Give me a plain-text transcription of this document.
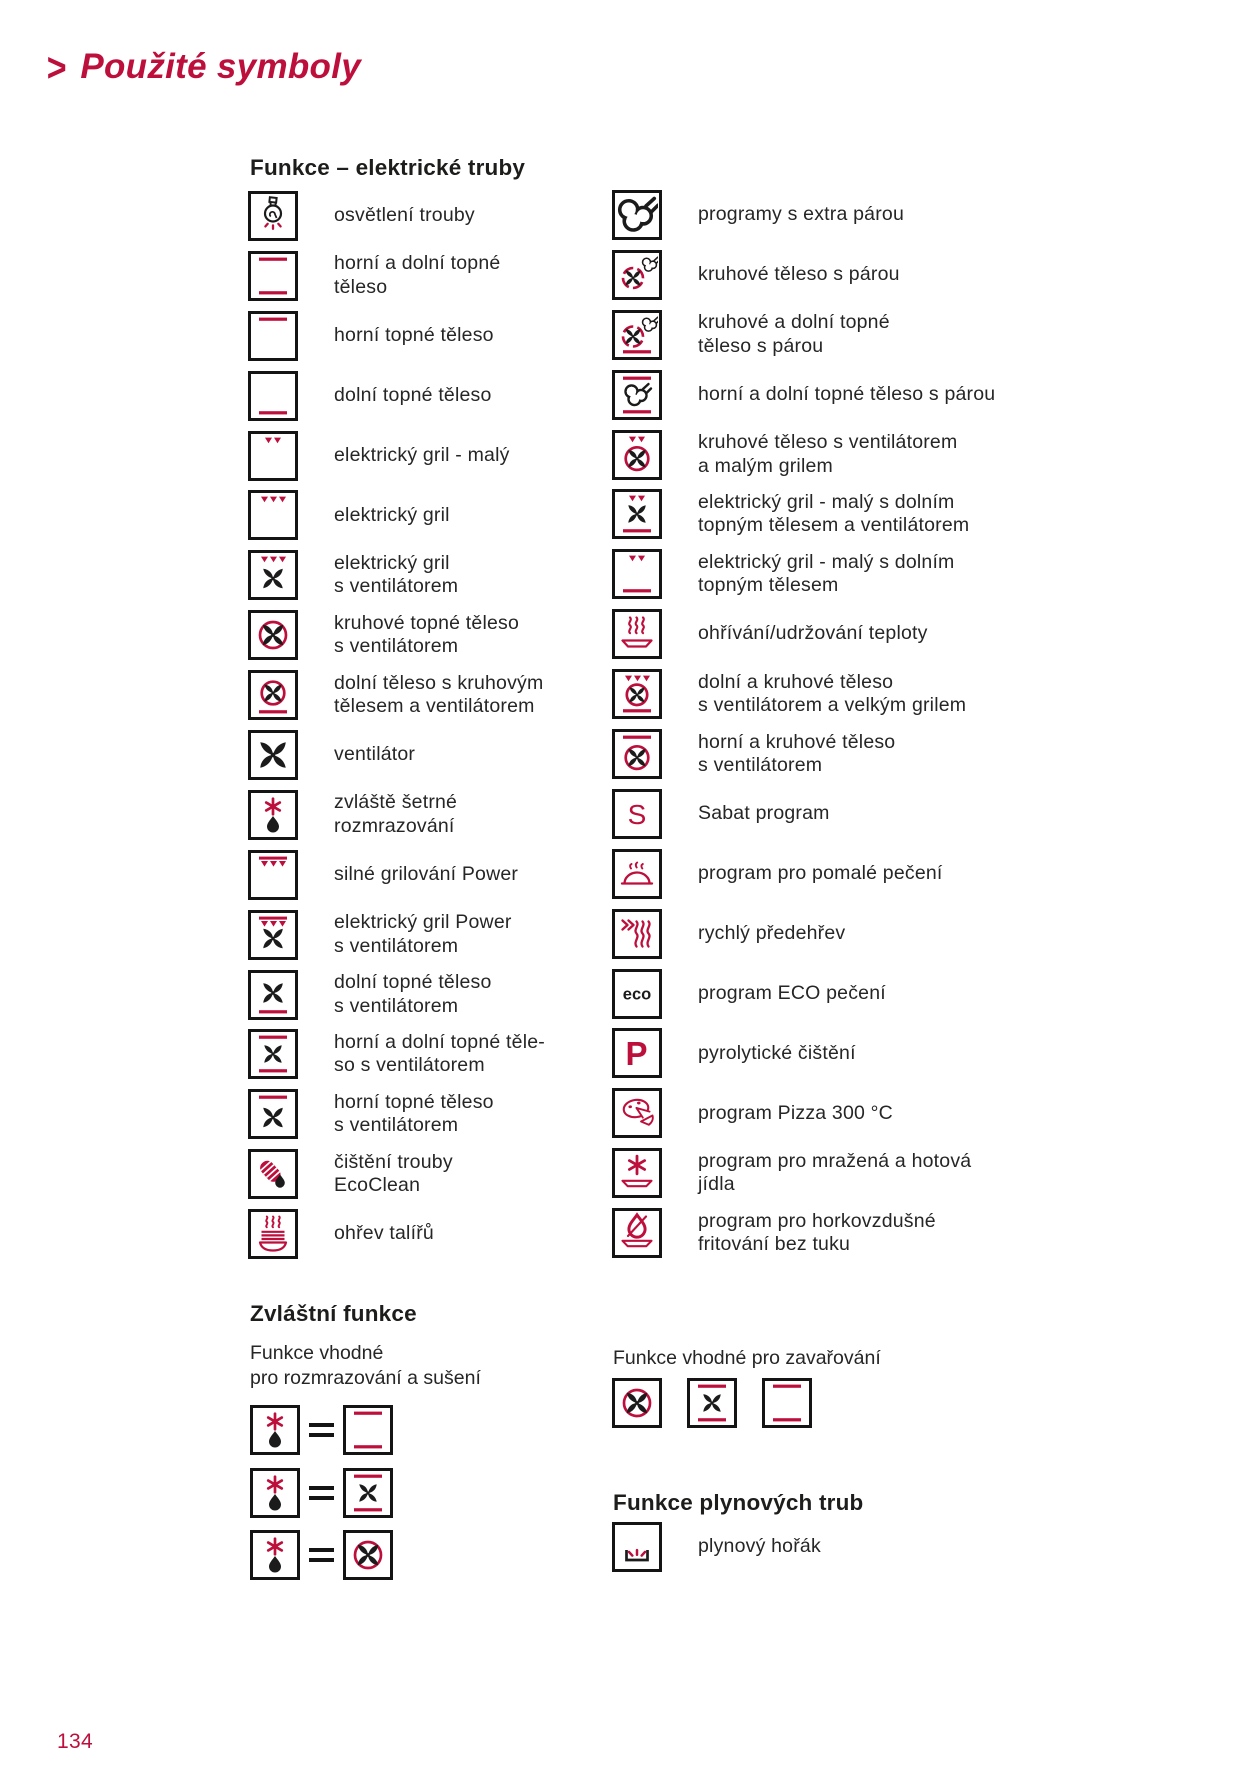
> Použité symboly
Funkce – elektrické truby
osvětlení trouby
horní a dolní topné
těleso
horní topné těleso
dolní topné těleso
elektrický gril - malý
elektrický gril
elektrický gril
s ventilátorem
kruhové topné těleso
s ventilátorem
dolní těleso s kruhovým
tělesem a ventilátorem
ventilátor
zvláště šetrné
rozmrazování
silné grilování Power
elektrický gril Power
s ventilátorem
dolní topné těleso
s ventilátorem
horní a dolní topné těle-
so s ventilátorem
horní topné těleso
s ventilátorem
čištění trouby
EcoClean
ohřev talířů
programy s extra párou
kruhové těleso s párou
kruhové a dolní topné
těleso s párou
horní a dolní topné těleso s párou
kruhové těleso s ventilátorem
a malým grilem
elektrický gril - malý s dolním
topným tělesem a ventilátorem
elektrický gril - malý s dolním
topným tělesem
ohřívání/udržování teploty
dolní a kruhové těleso
s ventilátorem a velkým grilem
horní a kruhové těleso
s ventilátorem
S	Sabat program
program pro pomalé pečení
rychlý předehřev
eco program ECO pečení
P	pyrolytické čištění
program Pizza 300 °C
program pro mražená a hotová
jídla
program pro horkovzdušné
fritování bez tuku
Zvláštní funkce
Funkce vhodné
pro rozmrazování a sušení
Funkce vhodné pro zavařování
Funkce plynových trub
plynový hořák
134
